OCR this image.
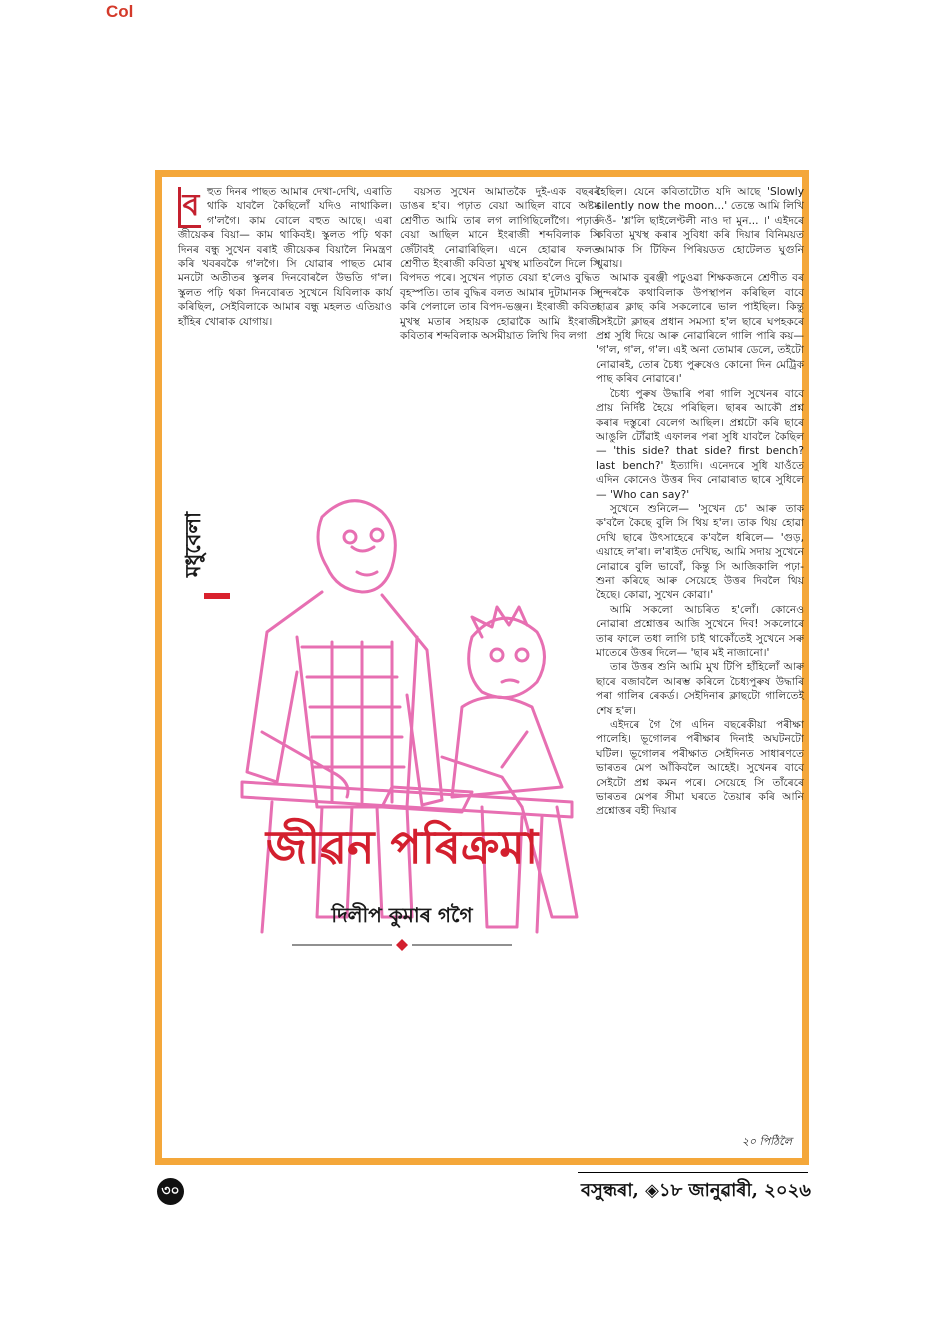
Col

ব হুত দিনৰ পাছত আমাৰ দেখা-দেখি, এৰাতি থাকি যাবলৈ কৈছিলোঁ যদিও নাথাকিল। গ'লগৈ। কাম বোলে বহুত আছে। এৰা জীয়েকৰ বিয়া— কাম থাকিবই। স্কুলত পঢ়ি থকা দিনৰ বন্ধু সুখেন বৰাই জীয়েকৰ বিয়ালৈ নিমন্ত্ৰণ কৰি খবৰবকৈ গ'লগৈ। সি যোৱাৰ পাছত মোৰ মনটো অতীতৰ স্কুলৰ দিনবোৰলৈ উভতি গ'ল। স্কুলত পঢ়ি থকা দিনবোৰত সুখেনে যিবিলাক কাৰ্য কৰিছিল, সেইবিলাকে আমাৰ বন্ধু মহলত এতিয়াও হাঁহিৰ খোৰাক যোগায়।

বয়সত সুখেন আমাতকৈ দুই-এক বছৰৰ ডাঙৰ হ'ব। পঢ়াত বেয়া আছিল বাবে অষ্টম শ্ৰেণীত আমি তাৰ লগ লাগিছিলোঁগৈ। পঢ়াত বেয়া আছিল মানে ইংৰাজী শব্দবিলাক সি জেঁটাবই নোৱাৰিছিল। এনে হোৱাৰ ফলত শ্ৰেণীত ইংৰাজী কবিতা মুখস্থ মাতিবলৈ দিলে সি বিপদত পৰে। সুখেন পঢ়াত বেয়া হ'লেও বুদ্ধিত বৃহস্পতি। তাৰ বুদ্ধিৰ বলত আমাৰ দুটামানক সি কৰি পেলালে তাৰ বিপদ-ভঞ্জন। ইংৰাজী কবিতা মুখস্থ মতাৰ সহায়ক হোৱাকৈ আমি ইংৰাজী কবিতাৰ শব্দবিলাক অসমীয়াত লিখি দিব লগা

হৈছিল। যেনে কবিতাটোত যদি আছে 'Slowly silently now the moon...' তেন্তে আমি লিখি দিওঁ- 'শ্ল'লি ছাইলেণ্টলী নাও দা মুন... ।' এইদৰে কবিতা মুখস্থ কৰাৰ সুবিধা কৰি দিয়াৰ বিনিময়ত আমাক সি টিফিন পিৰিয়ডত হোটেলত ঘুগুনি খুৱায়।

আমাক বুৰঞ্জী পঢ়ুওৱা শিক্ষকজনে শ্ৰেণীত বৰ সুন্দৰকৈ কথাবিলাক উপস্থাপন কৰিছিল বাবে ছাত্ৰৰ ক্লাছ কৰি সকলোৰে ভাল পাইছিল। কিন্তু সেইটো ক্লাছৰ প্ৰধান সমস্যা হ'ল ছাৰে ঘপহকৰে প্ৰশ্ন সুধি দিয়ে আৰু নোৱাৰিলে গালি পাৰি কয়— 'গ'ল, গ'ল, গ'ল। এই অনা তোমাৰ ডেলে, তইটো নোৱাৰই, তোৰ চৈধ্য পুৰুষেও কোনো দিন মেট্ৰিক পাছ কৰিব নোৱাৰে।'

চৈধ্য পুৰুষ উদ্ধাৰি পৰা গালি সুখেনৰ বাবে প্ৰায় নিৰ্দিষ্ট হৈয়ে পৰিছিল। ছাৰৰ আকৌ প্ৰশ্ন কৰাৰ দস্তুৰো বেলেগ আছিল। প্ৰশ্নটো কৰি ছাৰে আঙুলি টোঁৱাই এফালৰ পৰা সুধি যাবলৈ কৈছিল— 'this side? that side? first bench? last bench?' ইত্যাদি। এনেদৰে সুধি যাওঁতে এদিন কোনেও উত্তৰ দিব নোৱাৰাত ছাৰে সুধিলে— 'Who can say?'

সুখেনে শুনিলে— 'সুখেন চে' আৰু তাক ক'বলৈ কৈছে বুলি সি থিয় হ'ল। তাক থিয় হোৱা দেখি ছাৰে উৎসাহেৰে ক'বলৈ ধৰিলে— 'গুড়, এয়াহে ল'ৰা। ল'ৰাইত দেখিছ, আমি সদায় সুখেনে নোৱাৰে বুলি ভাবোঁ, কিন্তু সি আজিকালি পঢ়া-শুনা কৰিছে আৰু সেয়েহে উত্তৰ দিবলৈ থিয় হৈছে। কোৱা, সুখেন কোৱা।'

আমি সকলো আচৰিত হ'লোঁ। কোনেও নোৱাৰা প্ৰশ্নোত্তৰ আজি সুখেনে দিব! সকলোৰে তাৰ ফালে তধা লাগি চাই থাকোঁতেই সুখেনে সৰু মাতেৰে উত্তৰ দিলে— 'ছাৰ মই নাজানো।'

তাৰ উত্তৰ শুনি আমি মুখ টিপি হাঁহিলোঁ আৰু ছাৰে বজাবলৈ আৰম্ভ কৰিলে চৈধ্যপুৰুষ উদ্ধাৰি পৰা গালিৰ ৰেকৰ্ড। সেইদিনাৰ ক্লাছটো গালিতেই শেষ হ'ল।

এইদৰে গৈ গৈ এদিন বছৰেকীয়া পৰীক্ষা পালেহি। ভূগোলৰ পৰীক্ষাৰ দিনাই অঘটনটো ঘটিল। ভূগোলৰ পৰীক্ষাত সেইদিনত সাধাৰণতে ভাৰতৰ মেপ আঁকিবলৈ আহেই। সুখেনৰ বাবে সেইটো প্ৰশ্ন কমন পৰে। সেয়েহে সি তাঁৰেৰে ভাৰতৰ মেপৰ সীমা ঘৰতে তৈয়াৰ কৰি আনি প্ৰশ্নোত্তৰ বহী দিয়াৰ

মধুবেলা
জীৱন পৰিক্ৰমা
দিলীপ কুমাৰ গগৈ
২০ পিঠিলৈ
৩০	বসুন্ধৰা, ◈১৮ জানুৱাৰী, ২০২৬
